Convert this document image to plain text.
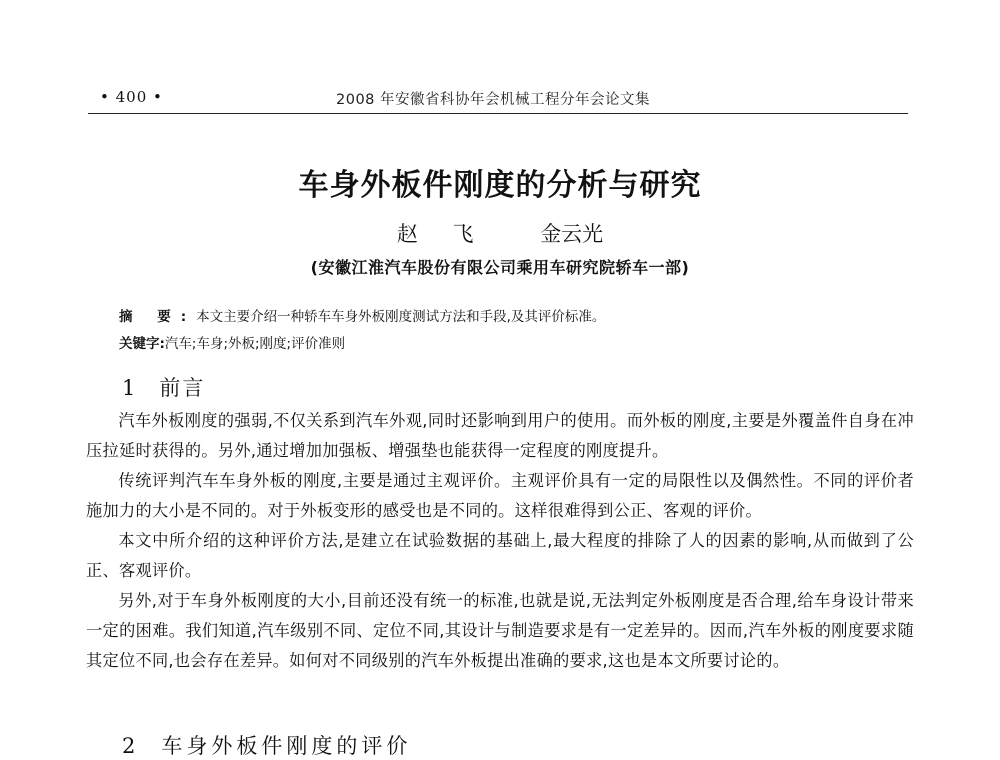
• 400 •	2008 年安徽省科协年会机械工程分年会论文集
车身外板件刚度的分析与研究
赵 飞	金云光
(安徽江淮汽车股份有限公司乘用车研究院轿车一部)
摘 要:本文主要介绍一种轿车车身外板刚度测试方法和手段,及其评价标准。
关键字:汽车;车身;外板;刚度;评价准则
1 前言

汽车外板刚度的强弱,不仅关系到汽车外观,同时还影响到用户的使用。而外板的刚度,主要是外覆盖件自身在冲压拉延时获得的。另外,通过增加加强板、增强垫也能获得一定程度的刚度提升。

传统评判汽车车身外板的刚度,主要是通过主观评价。主观评价具有一定的局限性以及偶然性。不同的评价者施加力的大小是不同的。对于外板变形的感受也是不同的。这样很难得到公正、客观的评价。

本文中所介绍的这种评价方法,是建立在试验数据的基础上,最大程度的排除了人的因素的影响,从而做到了公正、客观评价。

另外,对于车身外板刚度的大小,目前还没有统一的标准,也就是说,无法判定外板刚度是否合理,给车身设计带来一定的困难。我们知道,汽车级别不同、定位不同,其设计与制造要求是有一定差异的。因而,汽车外板的刚度要求随其定位不同,也会存在差异。如何对不同级别的汽车外板提出准确的要求,这也是本文所要讨论的。

2 车身外板件刚度的评价
